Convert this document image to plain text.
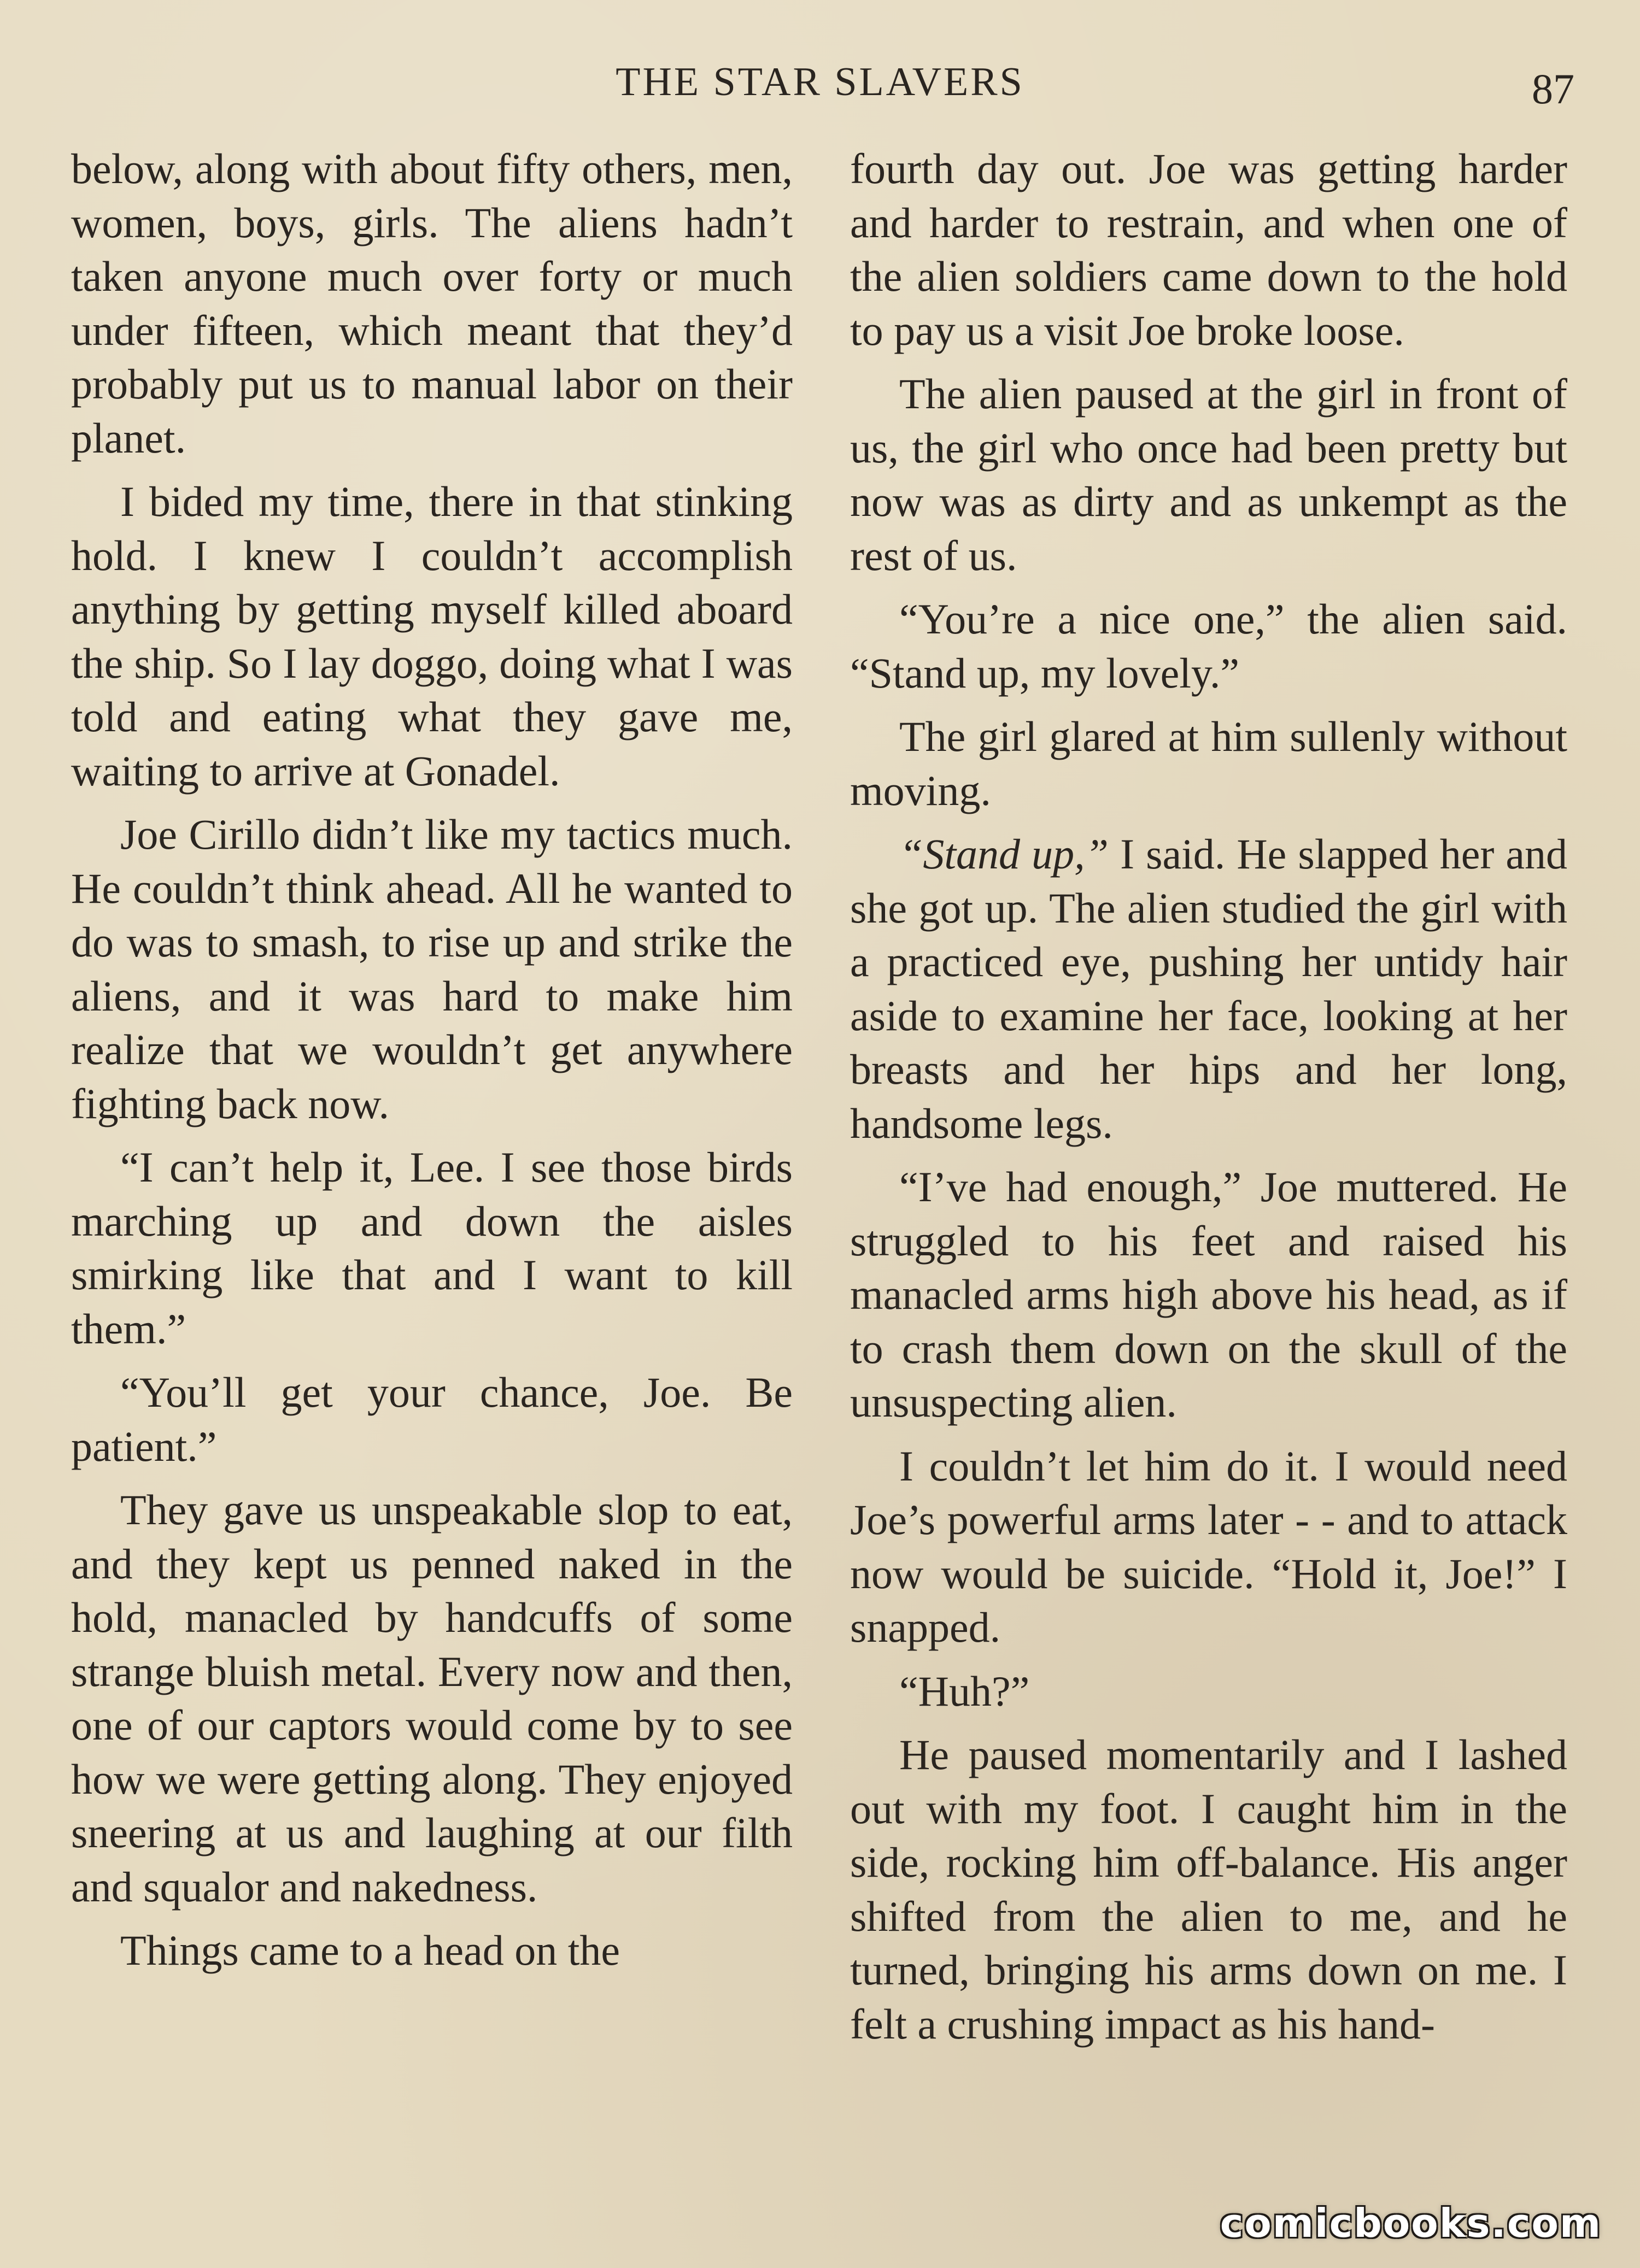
THE STAR SLAVERS	87

below, along with about fifty others, men, women, boys, girls. The aliens hadn’t taken anyone much over forty or much under fifteen, which meant that they’d probably put us to manual labor on their planet.

I bided my time, there in that stinking hold. I knew I couldn’t accomplish anything by getting myself killed aboard the ship. So I lay doggo, doing what I was told and eating what they gave me, waiting to arrive at Gonadel.

Joe Cirillo didn’t like my tactics much. He couldn’t think ahead. All he wanted to do was to smash, to rise up and strike the aliens, and it was hard to make him realize that we wouldn’t get anywhere fighting back now.

“I can’t help it, Lee. I see those birds marching up and down the aisles smirking like that and I want to kill them.”

“You’ll get your chance, Joe. Be patient.”

They gave us unspeakable slop to eat, and they kept us penned naked in the hold, manacled by handcuffs of some strange bluish metal. Every now and then, one of our captors would come by to see how we were getting along. They enjoyed sneering at us and laughing at our filth and squalor and nakedness.

Things came to a head on the

fourth day out. Joe was getting harder and harder to restrain, and when one of the alien soldiers came down to the hold to pay us a visit Joe broke loose.

The alien paused at the girl in front of us, the girl who once had been pretty but now was as dirty and as unkempt as the rest of us.

“You’re a nice one,” the alien said. “Stand up, my lovely.”

The girl glared at him sullenly without moving.

“Stand up,” I said. He slapped her and she got up. The alien studied the girl with a practiced eye, pushing her untidy hair aside to examine her face, looking at her breasts and her hips and her long, handsome legs.

“I’ve had enough,” Joe muttered. He struggled to his feet and raised his manacled arms high above his head, as if to crash them down on the skull of the unsuspecting alien.

I couldn’t let him do it. I would need Joe’s powerful arms later - - and to attack now would be suicide. “Hold it, Joe!” I snapped.

“Huh?”

He paused momentarily and I lashed out with my foot. I caught him in the side, rocking him off-balance. His anger shifted from the alien to me, and he turned, bringing his arms down on me. I felt a crushing impact as his hand-

comicbooks.com
